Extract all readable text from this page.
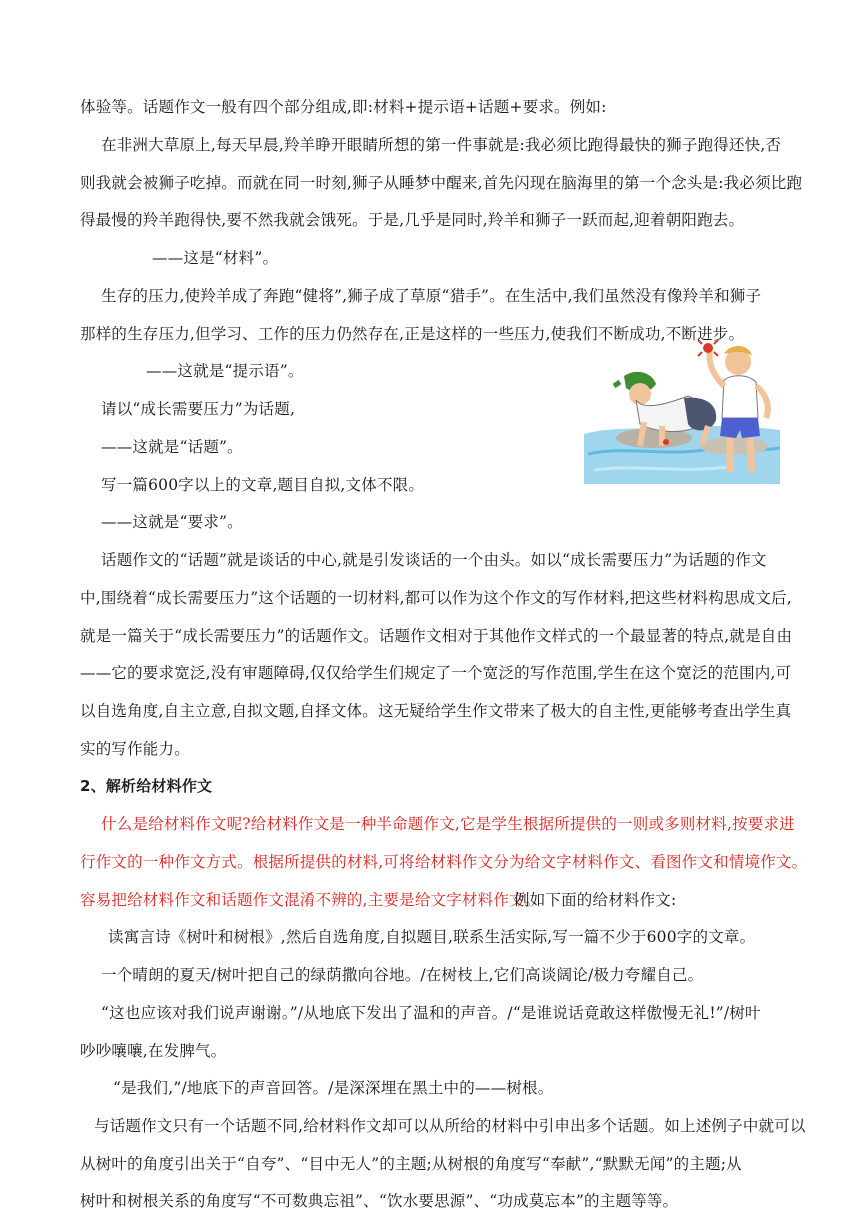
体验等。话题作文一般有四个部分组成,即:材料+提示语+话题+要求。例如:
在非洲大草原上,每天早晨,羚羊睁开眼睛所想的第一件事就是:我必须比跑得最快的狮子跑得还快,否
则我就会被狮子吃掉。而就在同一时刻,狮子从睡梦中醒来,首先闪现在脑海里的第一个念头是:我必须比跑
得最慢的羚羊跑得快,要不然我就会饿死。于是,几乎是同时,羚羊和狮子一跃而起,迎着朝阳跑去。
——这是“材料”。
生存的压力,使羚羊成了奔跑“健将”,狮子成了草原“猎手”。在生活中,我们虽然没有像羚羊和狮子
那样的生存压力,但学习、工作的压力仍然存在,正是这样的一些压力,使我们不断成功,不断进步。
——这就是“提示语”。
请以“成长需要压力”为话题,
——这就是“话题”。
写一篇600字以上的文章,题目自拟,文体不限。
——这就是“要求”。
话题作文的“话题”就是谈话的中心,就是引发谈话的一个由头。如以“成长需要压力”为话题的作文
中,围绕着“成长需要压力”这个话题的一切材料,都可以作为这个作文的写作材料,把这些材料构思成文后,
就是一篇关于“成长需要压力”的话题作文。话题作文相对于其他作文样式的一个最显著的特点,就是自由
——它的要求宽泛,没有审题障碍,仅仅给学生们规定了一个宽泛的写作范围,学生在这个宽泛的范围内,可
以自选角度,自主立意,自拟文题,自择文体。这无疑给学生作文带来了极大的自主性,更能够考查出学生真
实的写作能力。
2、解析给材料作文
什么是给材料作文呢?给材料作文是一种半命题作文,它是学生根据所提供的一则或多则材料,按要求进
行作文的一种作文方式。根据所提供的材料,可将给材料作文分为给文字材料作文、看图作文和情境作文。
容易把给材料作文和话题作文混淆不辨的,主要是给文字材料作文。
例如下面的给材料作文:
读寓言诗《树叶和树根》,然后自选角度,自拟题目,联系生活实际,写一篇不少于600字的文章。
一个晴朗的夏天/树叶把自己的绿荫撒向谷地。/在树枝上,它们高谈阔论/极力夸耀自己。
“这也应该对我们说声谢谢。”/从地底下发出了温和的声音。/“是谁说话竟敢这样傲慢无礼!”/树叶
吵吵嚷嚷,在发脾气。
“是我们,”/地底下的声音回答。/是深深埋在黑土中的——树根。
与话题作文只有一个话题不同,给材料作文却可以从所给的材料中引申出多个话题。如上述例子中就可以
从树叶的角度引出关于“自夸”、“目中无人”的主题;从树根的角度写“奉献”,“默默无闻”的主题;从
树叶和树根关系的角度写“不可数典忘祖”、“饮水要思源”、“功成莫忘本”的主题等等。
